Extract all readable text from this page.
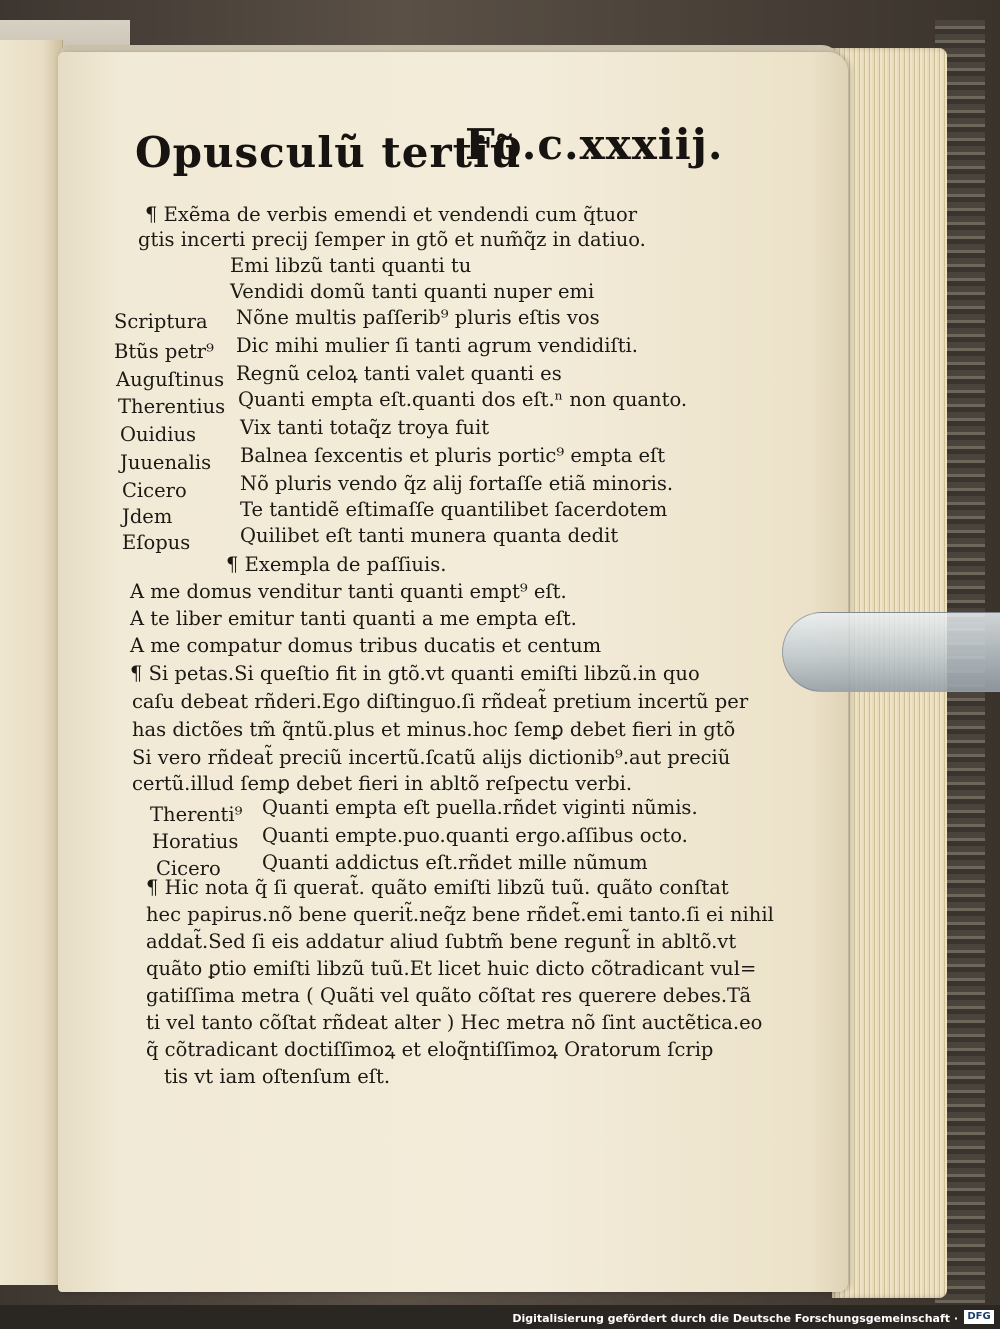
Opusculũ tertiũ
Fo.c.xxxiij.
¶ Exẽma de verbis emendi et vendendi cum q̃tuor
gtis incerti precij ſemper in gtõ et num̃q̃z in datiuo.
Emi libzũ tanti quanti tu
Vendidi domũ tanti quanti nuper emi
Scriptura Nõne multis paſſerib⁹ pluris eſtis vos
Btũs petr⁹ Dic mihi mulier ſi tanti agrum vendidiſti.
Auguſtinus Regnũ celoꝝ tanti valet quanti es
Therentius Quanti empta eſt.quanti dos eſt.ⁿ non quanto.
Ouidius Vix tanti totaq̃z troya fuit
Juuenalis Balnea ſexcentis et pluris portic⁹ empta eſt
Cicero	Nõ pluris vendo q̃z alij fortaſſe etiã minoris.
Jdem	Te tantidẽ eſtimaſſe quantilibet ſacerdotem
Eſopus	Quilibet eſt tanti munera quanta dedit
¶ Exempla de paſſiuis.
A me domus venditur tanti quanti empt⁹ eſt.
A te liber emitur tanti quanti a me empta eſt.
A me compatur domus tribus ducatis et centum
¶ Si petas.Si queſtio fit in gtõ.vt quanti emiſti libzũ.in quo
caſu debeat rñderi.Ego diſtinguo.ſi rñdeat̃ pretium incertũ per
has dictões tm̃ q̃ntũ.plus et minus.hoc ſemꝑ debet fieri in gtõ
Si vero rñdeat̃ preciũ incertũ.ſcatũ alijs dictionib⁹.aut preciũ
certũ.illud ſemꝑ debet fieri in abltõ reſpectu verbi.
Therenti⁹ Quanti empta eſt puella.rñdet viginti nũmis.
Horatius Quanti empte.puo.quanti ergo.aſſibus octo.
Cicero Quanti addictus eſt.rñdet mille nũmum
¶ Hic nota q̃ ſi querat̃. quãto emiſti libzũ tuũ. quãto conſtat
hec papirus.nõ bene querit̃.neq̃z bene rñdet̃.emi tanto.ſi ei nihil
addat̃.Sed ſi eis addatur aliud ſubtm̃ bene regunt̃ in abltõ.vt
quãto ꝑtio emiſti libzũ tuũ.Et licet huic dicto cõtradicant vul=
gatiſſima metra ( Quãti vel quãto cõſtat res querere debes.Tã
ti vel tanto cõſtat rñdeat alter ) Hec metra nõ ſint auctẽtica.eo
q̃ cõtradicant doctiſſimoꝝ et eloq̃ntiſſimoꝝ Oratorum ſcrip
tis vt iam oſtenſum eſt.
Digitalisierung gefördert durch die Deutsche Forschungsgemeinschaft · DFG
